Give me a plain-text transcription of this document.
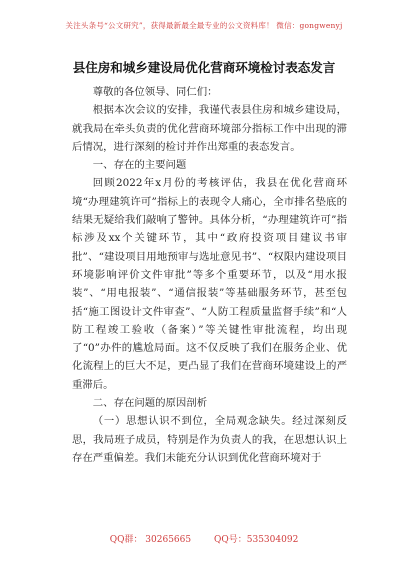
关注头条号“公文研究”，获得最新最全最专业的公文资料库！ 微信：gongwenyj
县住房和城乡建设局优化营商环境检讨表态发言

尊敬的各位领导、同仁们：

根据本次会议的安排，我谨代表县住房和城乡建设局，就我局在牵头负责的优化营商环境部分指标工作中出现的滞后情况，进行深刻的检讨并作出郑重的表态发言。

一、存在的主要问题

回顾2022年x月份的考核评估，我县在优化营商环境“办理建筑许可”指标上的表现令人痛心，全市排名垫底的结果无疑给我们敲响了警钟。具体分析，“办理建筑许可”指标涉及xx个关键环节，其中“政府投资项目建议书审批”、“建设项目用地预审与选址意见书”、“权限内建设项目环境影响评价文件审批”等多个重要环节，以及“用水报装”、“用电报装”、“通信报装”等基础服务环节，甚至包括“施工图设计文件审查”、“人防工程质量监督手续”和“人防工程竣工验收（备案）”等关键性审批流程，均出现了“0”办件的尴尬局面。这不仅反映了我们在服务企业、优化流程上的巨大不足，更凸显了我们在营商环境建设上的严重滞后。

二、存在问题的原因剖析

（一）思想认识不到位，全局观念缺失。经过深刻反思，我局班子成员，特别是作为负责人的我，在思想认识上存在严重偏差。我们未能充分认识到优化营商环境对于

QQ群： 30265665	QQ号：535304092
